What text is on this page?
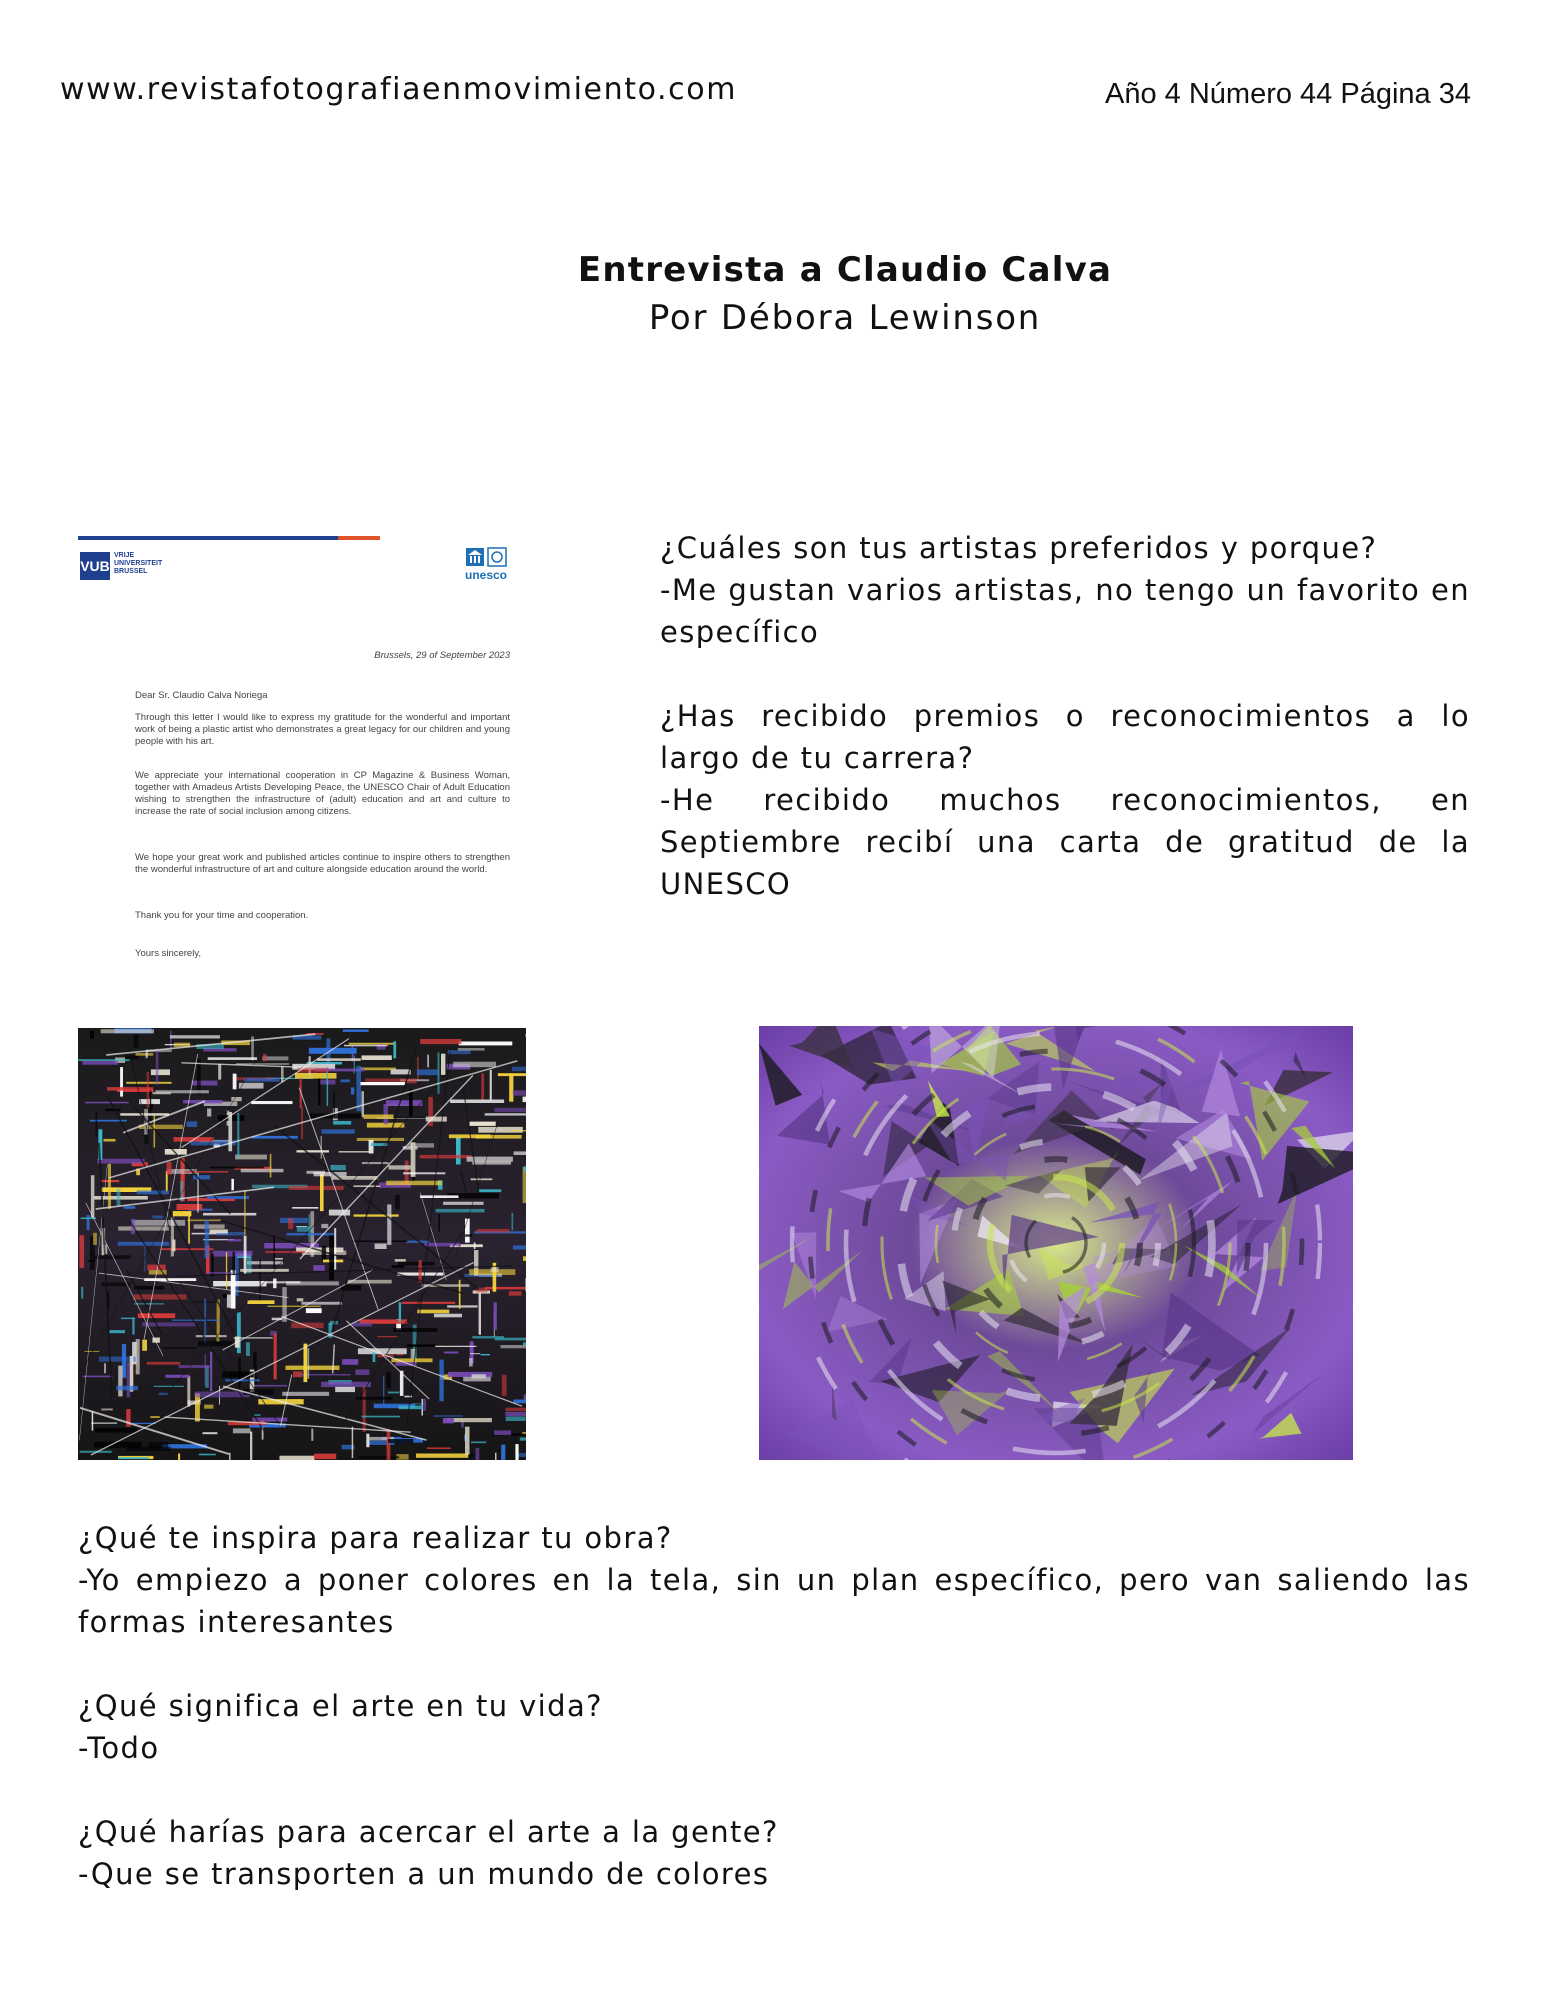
www.revistafotografiaenmovimiento.com	Año 4 Número 44 Página 34
Entrevista a Claudio Calva
Por Débora Lewinson
VUB
VRIJE
UNIVERSITEIT
BRUSSEL	unesco
Brussels, 29 of September 2023
Dear Sr. Claudio Calva Noriega
Through this letter I would like to express my gratitude for the wonderful and important work of being a plastic artist who demonstrates a great legacy for our children and young people with his art.
We appreciate your international cooperation in CP Magazine & Business Woman, together with Amadeus Artists Developing Peace, the UNESCO Chair of Adult Education wishing to strengthen the infrastructure of (adult) education and art and culture to increase the rate of social inclusion among citizens.
We hope your great work and published articles continue to inspire others to strengthen the wonderful infrastructure of art and culture alongside education around the world.
Thank you for your time and cooperation.
Yours sincerely,

¿Cuáles son tus artistas preferidos y porque?

-Me gustan varios artistas, no tengo un favorito en específico

¿Has recibido premios o reconocimientos a lo largo de tu carrera?

-He recibido muchos reconocimientos, en Septiembre recibí una carta de gratitud de la UNESCO

¿Qué te inspira para realizar tu obra?

-Yo empiezo a poner colores en la tela, sin un plan específico, pero van saliendo las formas interesantes

¿Qué significa el arte en tu vida?

-Todo

¿Qué harías para acercar el arte a la gente?

-Que se transporten a un mundo de colores
